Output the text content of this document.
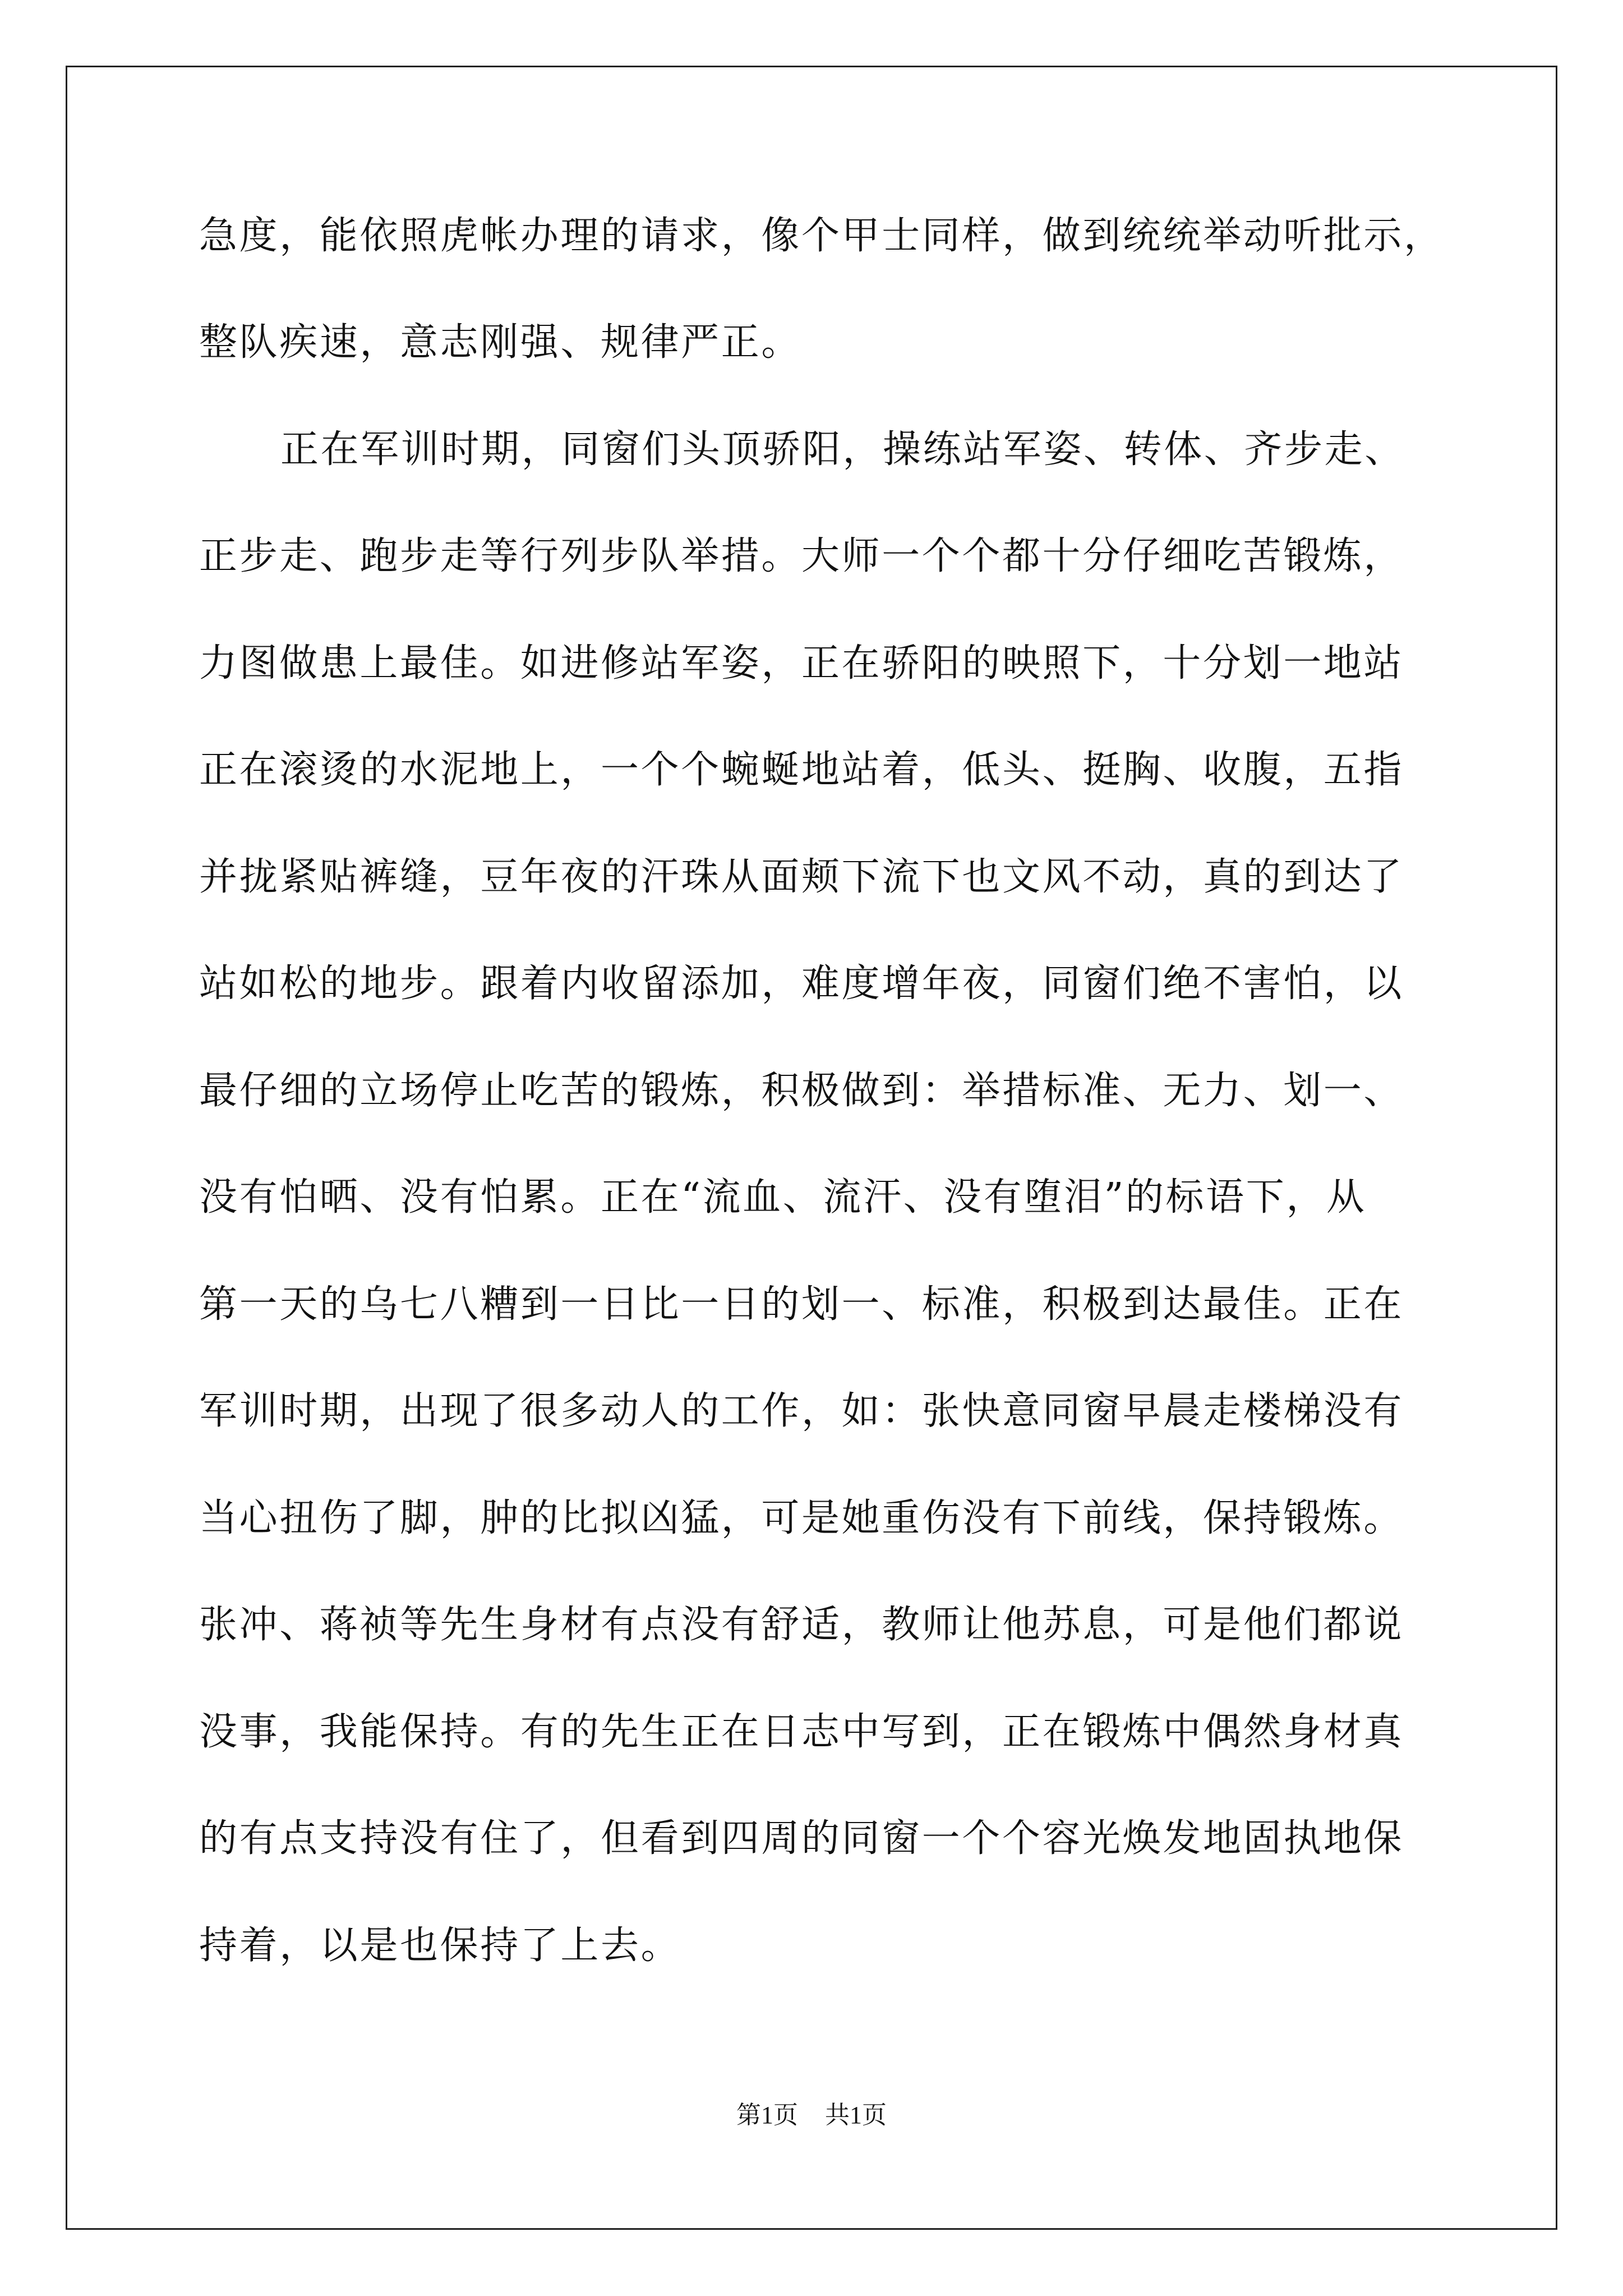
急度，能依照虎帐办理的请求，像个甲士同样，做到统统举动听批示，
整队疾速，意志刚强、规律严正。
正在军训时期，同窗们头顶骄阳，操练站军姿、转体、齐步走、
正步走、跑步走等行列步队举措。大师一个个都十分仔细吃苦锻炼，
力图做患上最佳。如进修站军姿，正在骄阳的映照下，十分划一地站
正在滚烫的水泥地上，一个个蜿蜒地站着，低头、挺胸、收腹，五指
并拢紧贴裤缝，豆年夜的汗珠从面颊下流下也文风不动，真的到达了
站如松的地步。跟着内收留添加，难度增年夜，同窗们绝不害怕，以
最仔细的立场停止吃苦的锻炼，积极做到：举措标准、无力、划一、
没有怕晒、没有怕累。正在“流血、流汗、没有堕泪”的标语下，从
第一天的乌七八糟到一日比一日的划一、标准，积极到达最佳。正在
军训时期，出现了很多动人的工作，如：张快意同窗早晨走楼梯没有
当心扭伤了脚，肿的比拟凶猛，可是她重伤没有下前线，保持锻炼。
张冲、蒋祯等先生身材有点没有舒适，教师让他苏息，可是他们都说
没事，我能保持。有的先生正在日志中写到，正在锻炼中偶然身材真
的有点支持没有住了，但看到四周的同窗一个个容光焕发地固执地保
持着，以是也保持了上去。
第1页 共1页
